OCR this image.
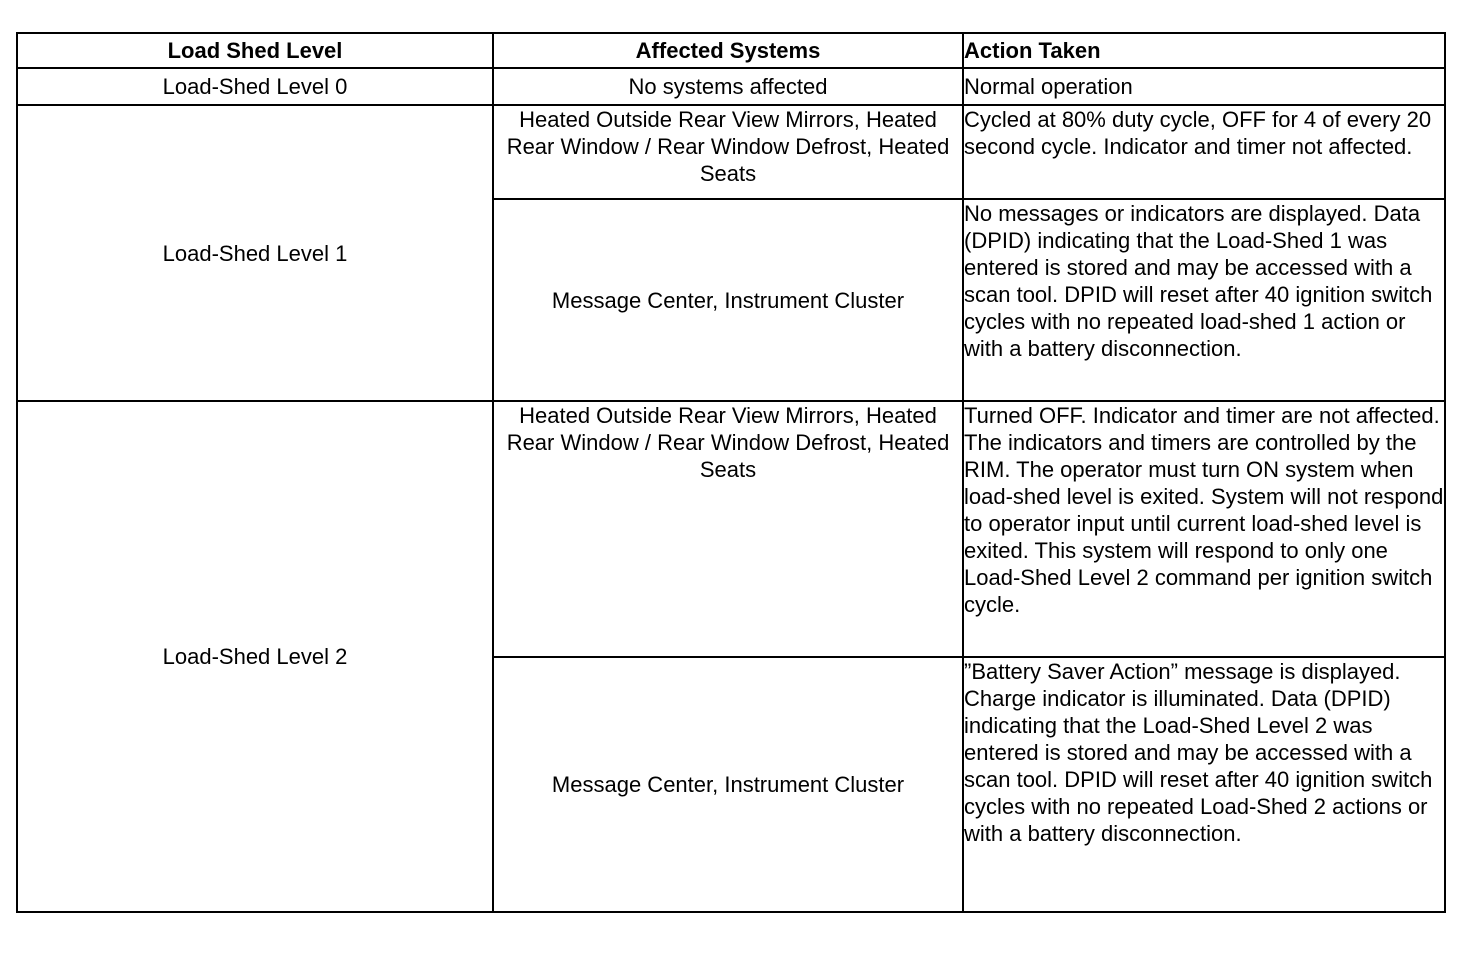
Load Shed Level	Affected Systems	Action Taken
Load-Shed Level 0	No systems affected	Normal operation
Load-Shed Level 1	Heated Outside Rear View Mirrors, Heated Rear Window / Rear Window Defrost, Heated Seats	Cycled at 80% duty cycle, OFF for 4 of every 20 second cycle. Indicator and timer not affected.
	Message Center, Instrument Cluster	No messages or indicators are displayed. Data (DPID) indicating that the Load-Shed 1 was entered is stored and may be accessed with a scan tool. DPID will reset after 40 ignition switch cycles with no repeated load-shed 1 action or with a battery disconnection.
Load-Shed Level 2	Heated Outside Rear View Mirrors, Heated Rear Window / Rear Window Defrost, Heated Seats	Turned OFF. Indicator and timer are not affected. The indicators and timers are controlled by the RIM. The operator must turn ON system when load-shed level is exited. System will not respond to operator input until current load-shed level is exited. This system will respond to only one Load-Shed Level 2 command per ignition switch cycle.
	Message Center, Instrument Cluster	”Battery Saver Action” message is displayed. Charge indicator is illuminated. Data (DPID) indicating that the Load-Shed Level 2 was entered is stored and may be accessed with a scan tool. DPID will reset after 40 ignition switch cycles with no repeated Load-Shed 2 actions or with a battery disconnection.
